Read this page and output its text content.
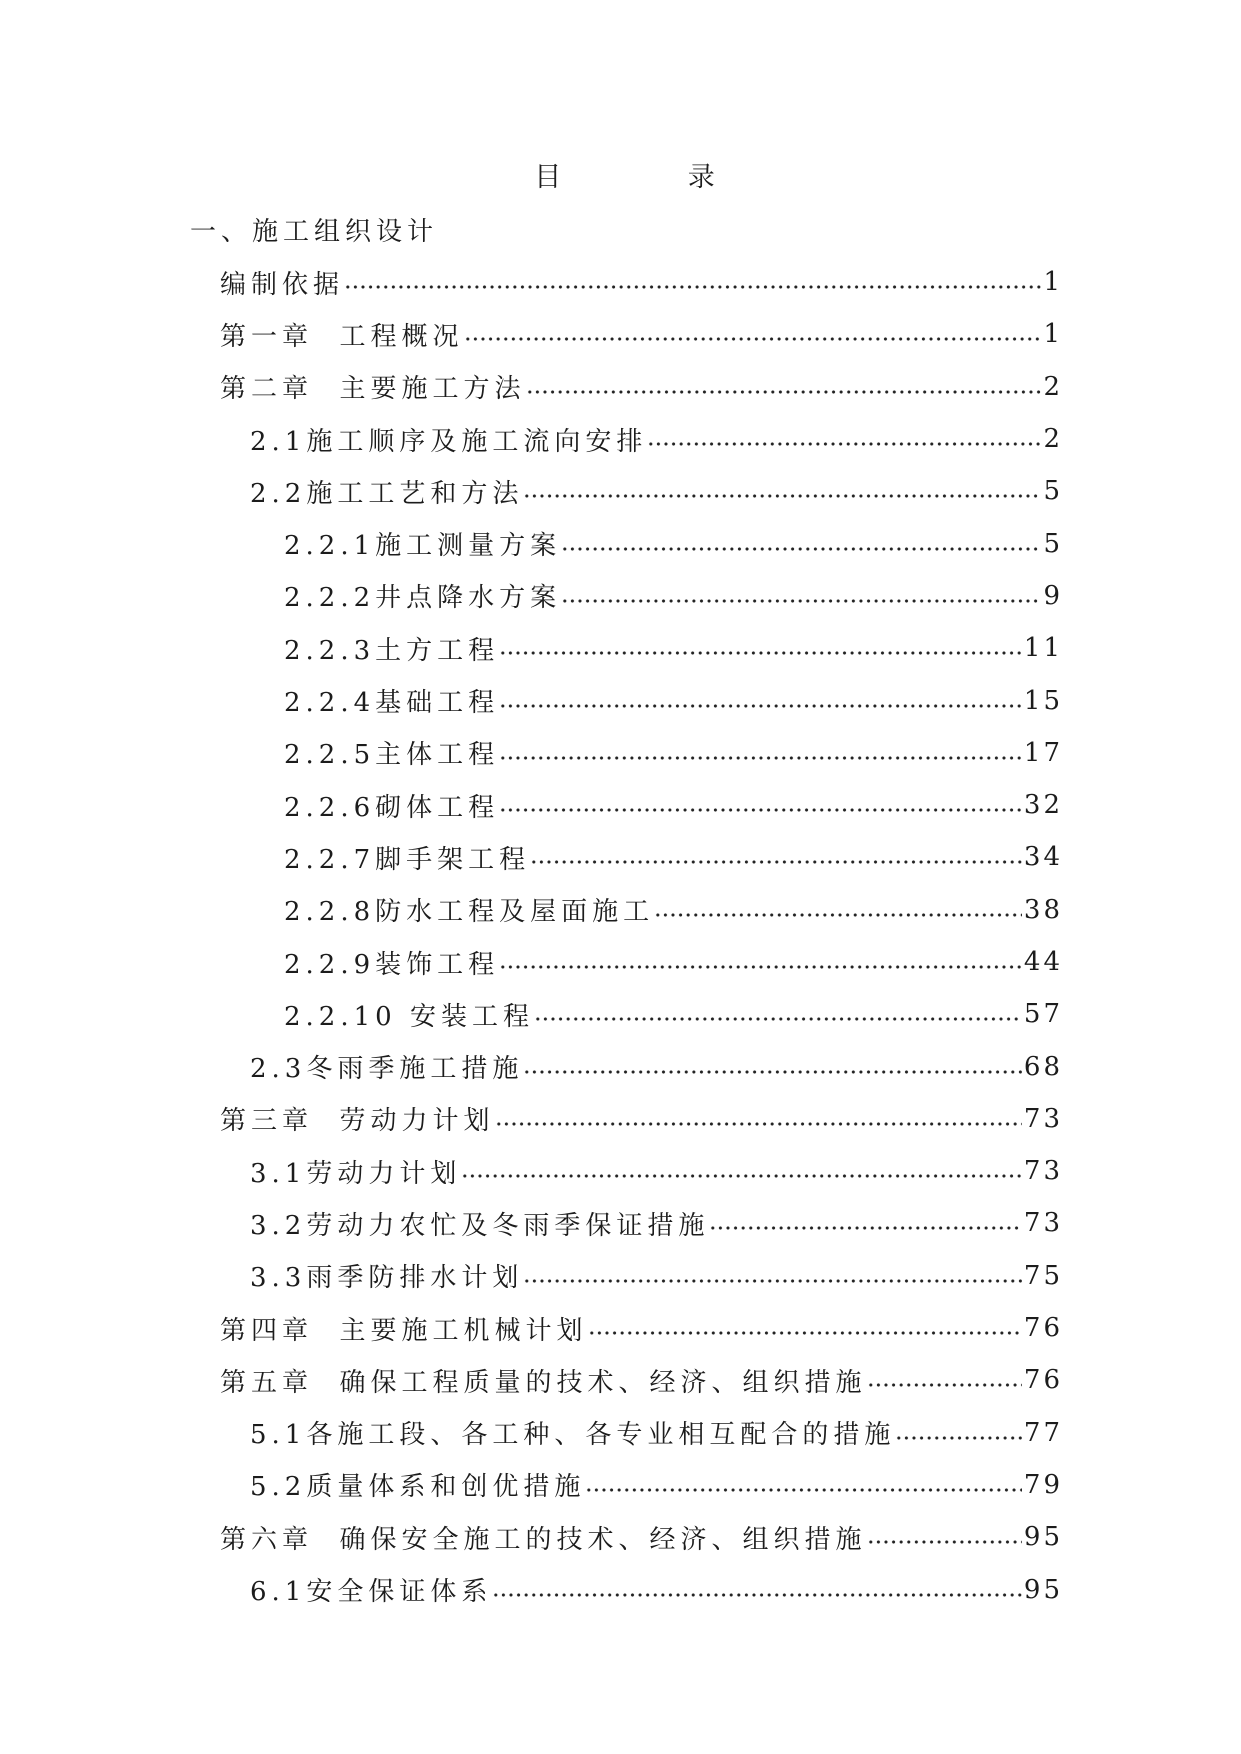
目 录
一、施工组织设计
编制依据	1
第一章  工程概况	1
第二章  主要施工方法	2
2.1施工顺序及施工流向安排	2
2.2施工工艺和方法	5
2.2.1施工测量方案	5
2.2.2井点降水方案	9
2.2.3土方工程	11
2.2.4基础工程	15
2.2.5主体工程	17
2.2.6砌体工程	32
2.2.7脚手架工程	34
2.2.8防水工程及屋面施工	38
2.2.9装饰工程	44
2.2.10 安装工程	57
2.3冬雨季施工措施	68
第三章  劳动力计划	73
3.1劳动力计划	73
3.2劳动力农忙及冬雨季保证措施	73
3.3雨季防排水计划	75
第四章  主要施工机械计划	76
第五章  确保工程质量的技术、经济、组织措施	76
5.1各施工段、各工种、各专业相互配合的措施	77
5.2质量体系和创优措施	79
第六章  确保安全施工的技术、经济、组织措施	95
6.1安全保证体系	95
